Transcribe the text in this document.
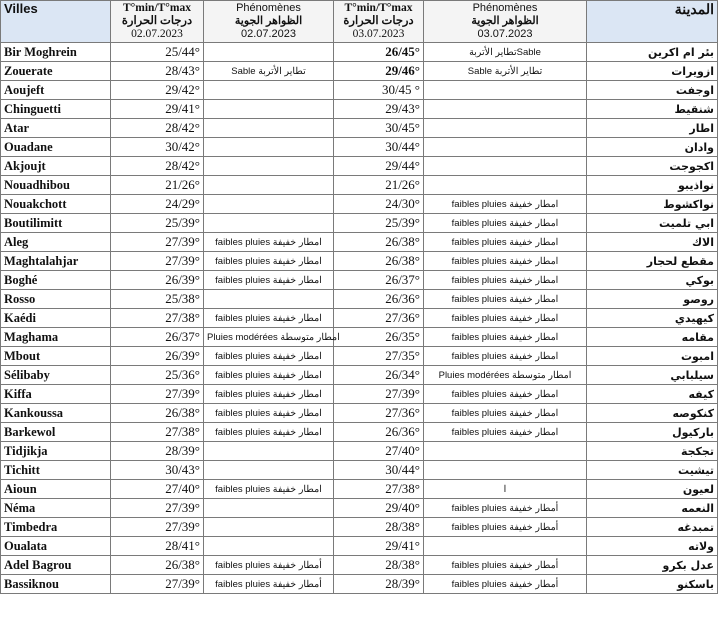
Villes	T°min/T°max
درجات الحرارة
02.07.2023	Phénomènes
الظواهر الجوية
02.07.2023	T°min/T°max
درجات الحرارة
03.07.2023	Phénomènes
الظواهر الجوية
03.07.2023	المدينة
Bir Moghrein	25/44°		26/45°	تطاير الأتربةSable	بئر ام اكرين
Zouerate	28/43°	Sable تطاير الأتربة	29/46°	Sable تطاير الأتربة	ازويرات
Aoujeft	29/42°		30/45 °		اوجفت
Chinguetti	29/41°		29/43°		شنقيط
Atar	28/42°		30/45°		اطار
Ouadane	30/42°		30/44°		وادان
Akjoujt	28/42°		29/44°		اكجوجت
Nouadhibou	21/26°		21/26°		نواذيبو
Nouakchott	24/29°		24/30°	faibles pluies امطار خفيفة	نواكشوط
Boutilimitt	25/39°		25/39°	faibles pluies امطار خفيفة	ابي تلميت
Aleg	27/39°	faibles pluies امطار خفيفة	26/38°	faibles pluies امطار خفيفة	الاك
Maghtalahjar	27/39°	faibles pluies امطار خفيفة	26/38°	faibles pluies امطار خفيفة	مقطع لحجار
Boghé	26/39°	faibles pluies امطار خفيفة	26/37°	faibles pluies امطار خفيفة	بوكي
Rosso	25/38°		26/36°	faibles pluies امطار خفيفة	روصو
Kaédi	27/38°	faibles pluies امطار خفيفة	27/36°	faibles pluies امطار خفيفة	كيهيدي
Maghama	26/37°	Pluies modérées امطار متوسطة	26/35°	faibles pluies امطار خفيفة	مقامه
Mbout	26/39°	faibles pluies امطار خفيفة	27/35°	faibles pluies امطار خفيفة	امبوت
Sélibaby	25/36°	faibles pluies امطار خفيفة	26/34°	Pluies modérées امطار متوسطة	سيلبابي
Kiffa	27/39°	faibles pluies امطار خفيفة	27/39°	faibles pluies امطار خفيفة	كيفه
Kankoussa	26/38°	faibles pluies امطار خفيفة	27/36°	faibles pluies امطار خفيفة	كنكوصه
Barkewol	27/38°	faibles pluies امطار خفيفة	26/36°	faibles pluies امطار خفيفة	باركيول
Tidjikja	28/39°		27/40°		تجكجة
Tichitt	30/43°		30/44°		تيشيت
Aioun	27/40°	faibles pluies امطار خفيفة	27/38°	ا	لعيون
Néma	27/39°		29/40°	faibles pluies أمطار خفيفة	النعمه
Timbedra	27/39°		28/38°	faibles pluies أمطار خفيفة	تمبدغه
Oualata	28/41°		29/41°		ولاته
Adel Bagrou	26/38°	faibles pluies أمطار خفيفة	28/38°	faibles pluies أمطار خفيفة	عدل بكرو
Bassiknou	27/39°	faibles pluies أمطار خفيفة	28/39°	faibles pluies أمطار خفيفة	باسكنو
